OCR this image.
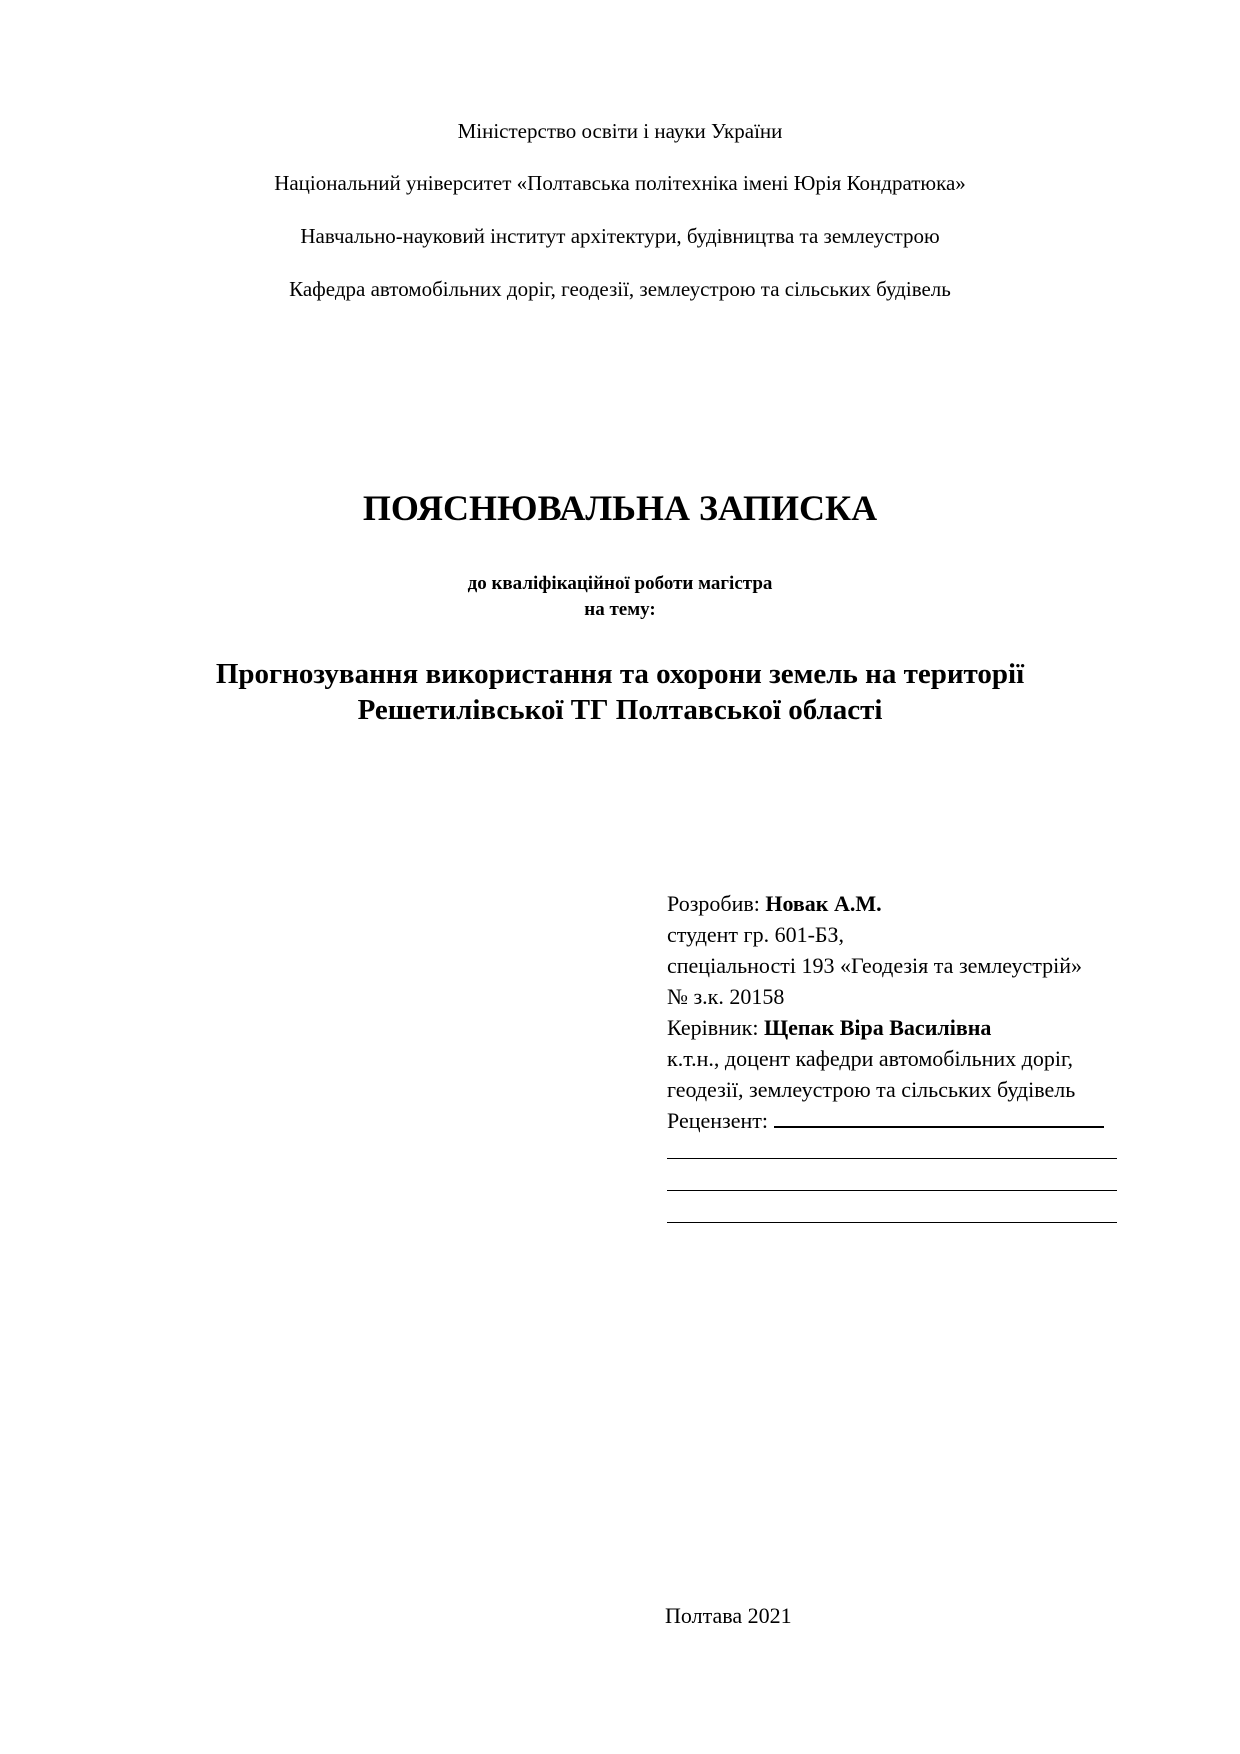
Міністерство освіти і науки України
Національний університет «Полтавська політехніка імені Юрія Кондратюка»
Навчально-науковий інститут архітектури, будівництва та землеустрою
Кафедра автомобільних доріг, геодезії, землеустрою та сільських будівель
ПОЯСНЮВАЛЬНА ЗАПИСКА
до кваліфікаційної роботи магістра
на тему:
Прогнозування використання та охорони земель на території
Решетилівської ТГ Полтавської області
Розробив: Новак А.М.
студент гр. 601-БЗ,
спеціальності 193 «Геодезія та землеустрій»
№ з.к. 20158
Керівник: Щепак Віра Василівна
к.т.н., доцент кафедри автомобільних доріг,
геодезії, землеустрою та сільських будівель
Рецензент:
Полтава 2021
